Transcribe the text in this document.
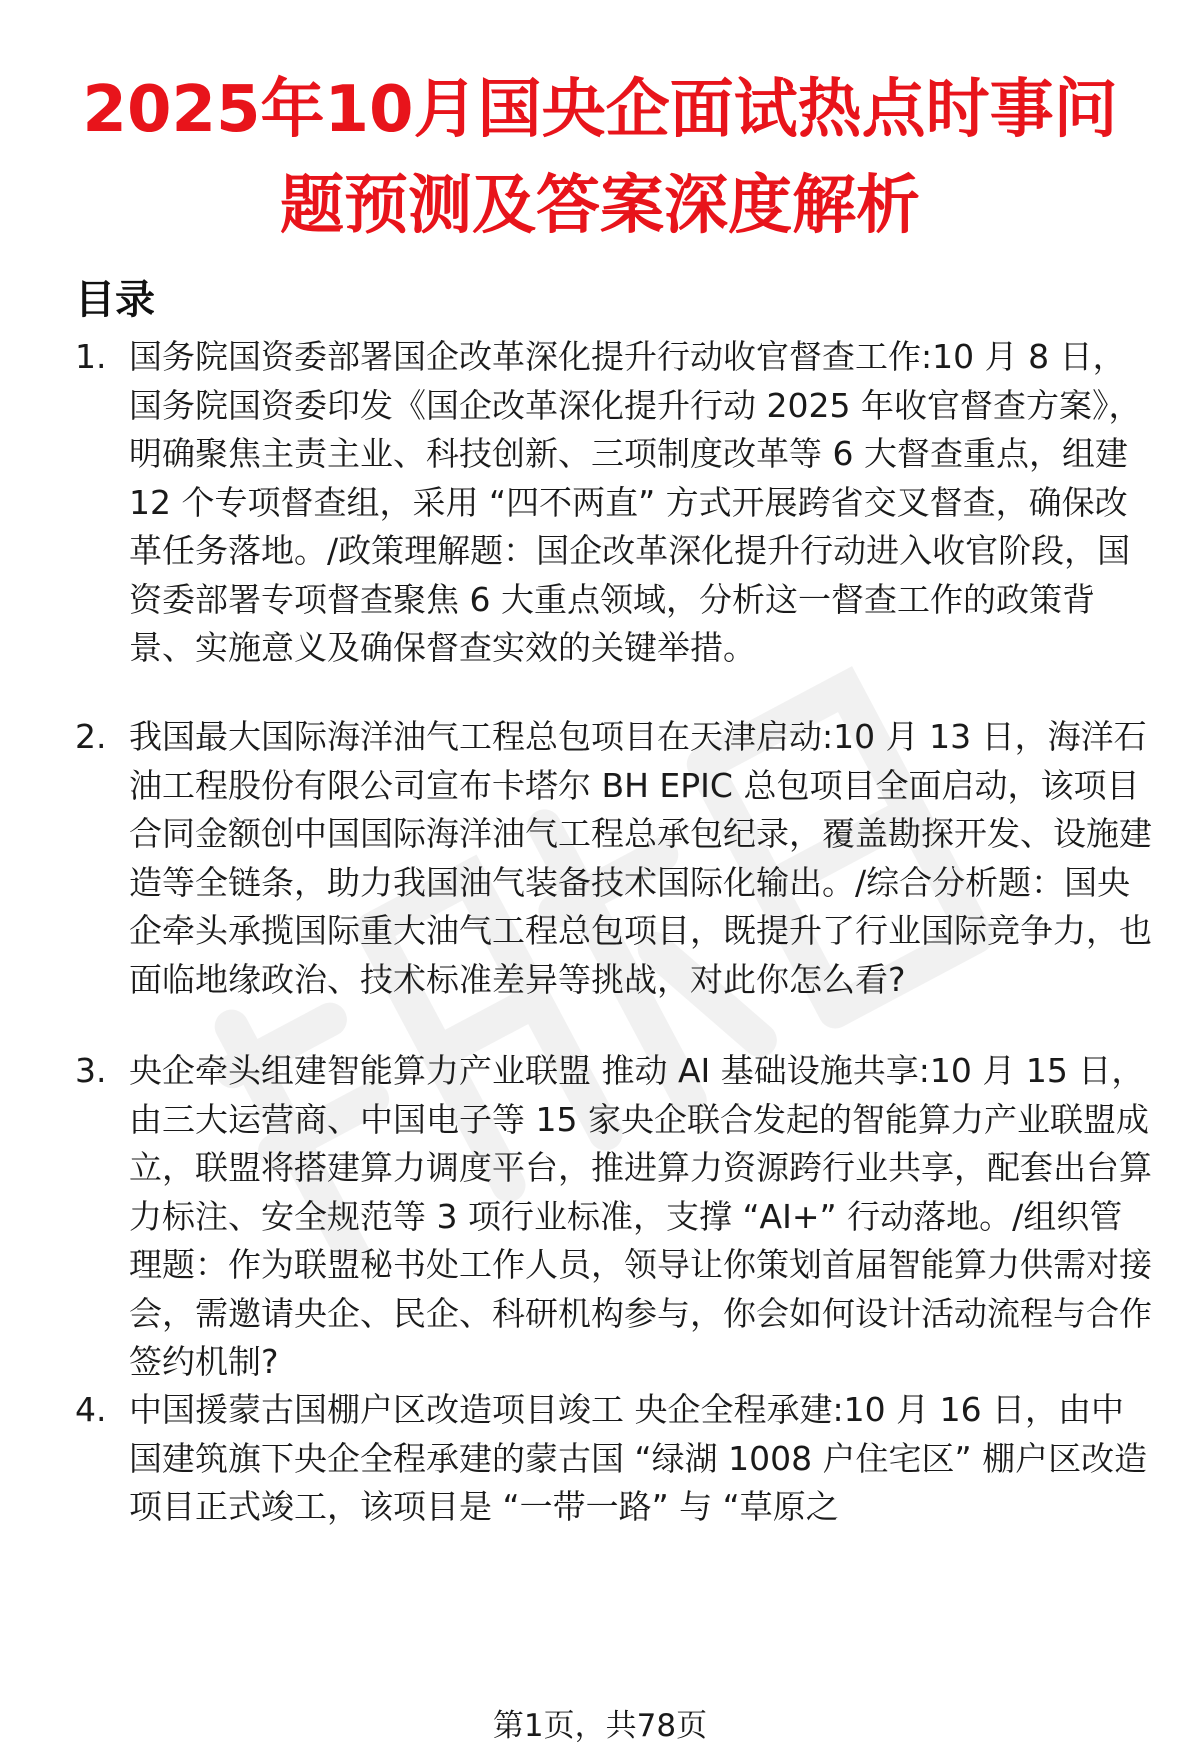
2025年10月国央企面试热点时事问题预测及答案深度解析
目录
1. 国务院国资委部署国企改革深化提升行动收官督查工作:10 月 8 日，国务院国资委印发《国企改革深化提升行动 2025 年收官督查方案》，明确聚焦主责主业、科技创新、三项制度改革等 6 大督查重点，组建 12 个专项督查组，采用 “四不两直” 方式开展跨省交叉督查，确保改革任务落地。/政策理解题：国企改革深化提升行动进入收官阶段，国资委部署专项督查聚焦 6 大重点领域，分析这一督查工作的政策背景、实施意义及确保督查实效的关键举措。
2. 我国最大国际海洋油气工程总包项目在天津启动:10 月 13 日，海洋石油工程股份有限公司宣布卡塔尔 BH EPIC 总包项目全面启动，该项目合同金额创中国国际海洋油气工程总承包纪录，覆盖勘探开发、设施建造等全链条，助力我国油气装备技术国际化输出。/综合分析题：国央企牵头承揽国际重大油气工程总包项目，既提升了行业国际竞争力，也面临地缘政治、技术标准差异等挑战，对此你怎么看?
3. 央企牵头组建智能算力产业联盟 推动 AI 基础设施共享:10 月 15 日，由三大运营商、中国电子等 15 家央企联合发起的智能算力产业联盟成立，联盟将搭建算力调度平台，推进算力资源跨行业共享，配套出台算力标注、安全规范等 3 项行业标准，支撑 “AI+” 行动落地。/组织管理题：作为联盟秘书处工作人员，领导让你策划首届智能算力供需对接会，需邀请央企、民企、科研机构参与，你会如何设计活动流程与合作签约机制?
4. 中国援蒙古国棚户区改造项目竣工 央企全程承建:10 月 16 日，由中国建筑旗下央企全程承建的蒙古国 “绿湖 1008 户住宅区” 棚户区改造项目正式竣工，该项目是 “一带一路” 与 “草原之
第1页，共78页
